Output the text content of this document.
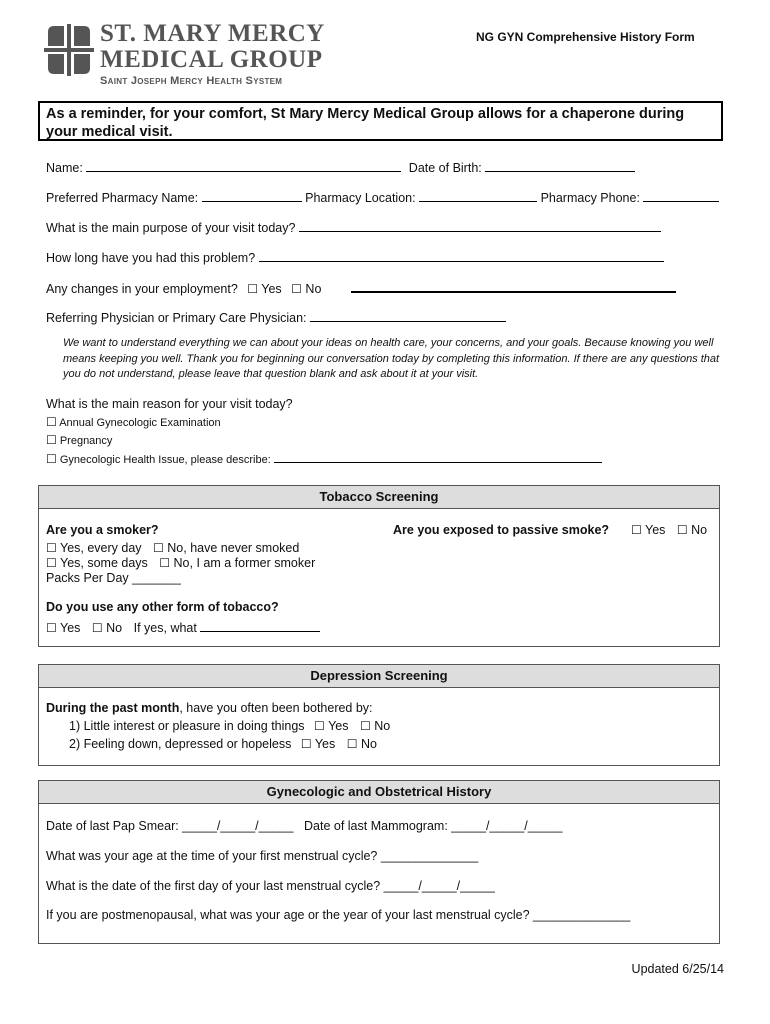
ST. MARY MERCY
MEDICAL GROUP
Saint Joseph Mercy Health System
NG GYN Comprehensive History Form
As a reminder, for your comfort, St Mary Mercy Medical Group allows for a chaperone during your medical visit.
Name:	Date of Birth:
Preferred Pharmacy Name:	Pharmacy Location:	Pharmacy Phone:
What is the main purpose of your visit today?
How long have you had this problem?
Any changes in your employment? ☐ Yes ☐ No
Referring Physician or Primary Care Physician:
We want to understand everything we can about your ideas on health care, your concerns, and your goals. Because knowing you well means keeping you well. Thank you for beginning our conversation today by completing this information. If there are any questions that you do not understand, please leave that question blank and ask about it at your visit.
What is the main reason for your visit today?
☐ Annual Gynecologic Examination
☐ Pregnancy
☐ Gynecologic Health Issue, please describe:
Tobacco Screening
Are you a smoker?	Are you exposed to passive smoke? ☐ Yes ☐ No
☐ Yes, every day ☐ No, have never smoked
☐ Yes, some days ☐ No, I am a former smoker
Packs Per Day _______
Do you use any other form of tobacco?
☐ Yes ☐ No If yes, what
Depression Screening
During the past month, have you often been bothered by:
1) Little interest or pleasure in doing things ☐ Yes ☐ No
2) Feeling down, depressed or hopeless ☐ Yes ☐ No
Gynecologic and Obstetrical History
Date of last Pap Smear: _____/_____/_____ Date of last Mammogram: _____/_____/_____
What was your age at the time of your first menstrual cycle? ______________
What is the date of the first day of your last menstrual cycle? _____/_____/_____
If you are postmenopausal, what was your age or the year of your last menstrual cycle? ______________
Updated 6/25/14
